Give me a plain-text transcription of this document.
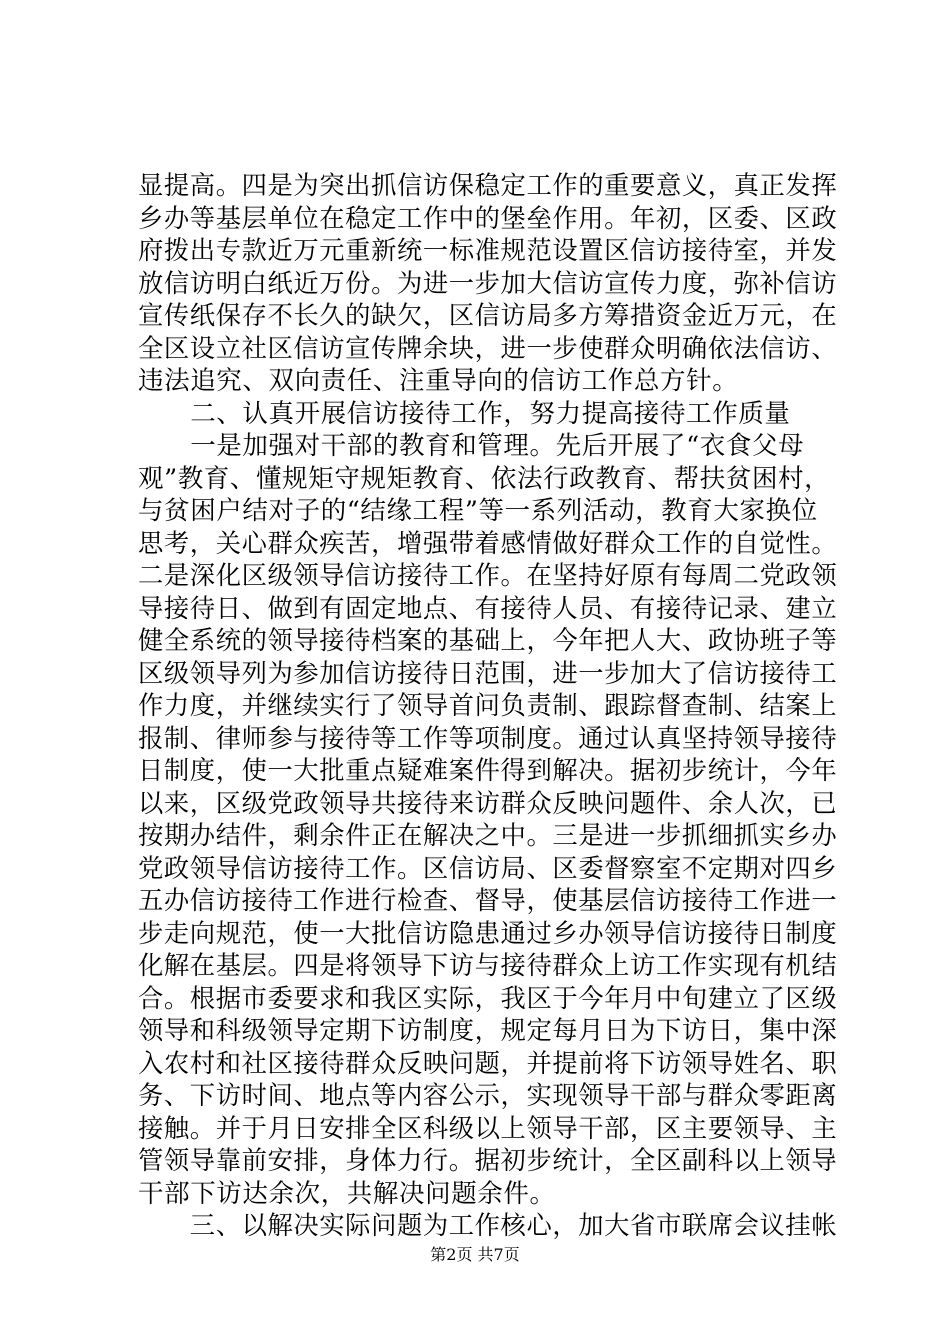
显提高。四是为突出抓信访保稳定工作的重要意义，真正发挥
乡办等基层单位在稳定工作中的堡垒作用。年初，区委、区政
府拨出专款近万元重新统一标准规范设置区信访接待室，并发
放信访明白纸近万份。为进一步加大信访宣传力度，弥补信访
宣传纸保存不长久的缺欠，区信访局多方筹措资金近万元，在
全区设立社区信访宣传牌余块，进一步使群众明确依法信访、
违法追究、双向责任、注重导向的信访工作总方针。
　　二、认真开展信访接待工作，努力提高接待工作质量
　　一是加强对干部的教育和管理。先后开展了“衣食父母
观”教育、懂规矩守规矩教育、依法行政教育、帮扶贫困村，
与贫困户结对子的“结缘工程”等一系列活动，教育大家换位
思考，关心群众疾苦，增强带着感情做好群众工作的自觉性。
二是深化区级领导信访接待工作。在坚持好原有每周二党政领
导接待日、做到有固定地点、有接待人员、有接待记录、建立
健全系统的领导接待档案的基础上，今年把人大、政协班子等
区级领导列为参加信访接待日范围，进一步加大了信访接待工
作力度，并继续实行了领导首问负责制、跟踪督查制、结案上
报制、律师参与接待等工作等项制度。通过认真坚持领导接待
日制度，使一大批重点疑难案件得到解决。据初步统计，今年
以来，区级党政领导共接待来访群众反映问题件、余人次，已
按期办结件，剩余件正在解决之中。三是进一步抓细抓实乡办
党政领导信访接待工作。区信访局、区委督察室不定期对四乡
五办信访接待工作进行检查、督导，使基层信访接待工作进一
步走向规范，使一大批信访隐患通过乡办领导信访接待日制度
化解在基层。四是将领导下访与接待群众上访工作实现有机结
合。根据市委要求和我区实际，我区于今年月中旬建立了区级
领导和科级领导定期下访制度，规定每月日为下访日，集中深
入农村和社区接待群众反映问题，并提前将下访领导姓名、职
务、下访时间、地点等内容公示，实现领导干部与群众零距离
接触。并于月日安排全区科级以上领导干部，区主要领导、主
管领导靠前安排，身体力行。据初步统计，全区副科以上领导
干部下访达余次，共解决问题余件。
　　三、以解决实际问题为工作核心，加大省市联席会议挂帐
第2页 共7页
